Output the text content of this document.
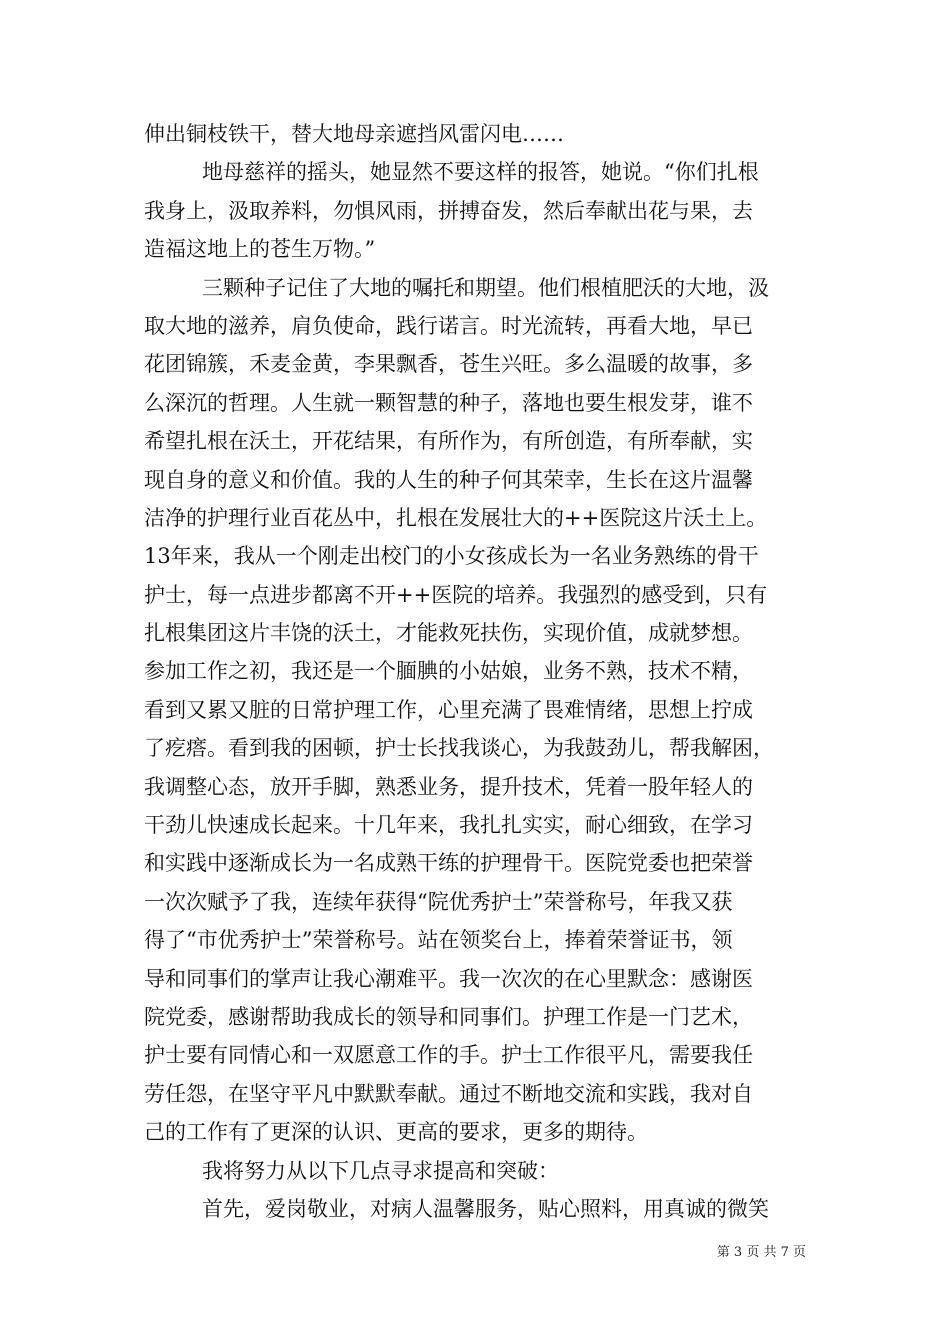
伸出铜枝铁干，替大地母亲遮挡风雷闪电……
地母慈祥的摇头，她显然不要这样的报答，她说。“你们扎根
我身上，汲取养料，勿惧风雨，拼搏奋发，然后奉献出花与果，去
造福这地上的苍生万物。”
三颗种子记住了大地的嘱托和期望。他们根植肥沃的大地，汲
取大地的滋养，肩负使命，践行诺言。时光流转，再看大地，早已
花团锦簇，禾麦金黄，李果飘香，苍生兴旺。多么温暖的故事，多
么深沉的哲理。人生就一颗智慧的种子，落地也要生根发芽，谁不
希望扎根在沃土，开花结果，有所作为，有所创造，有所奉献，实
现自身的意义和价值。我的人生的种子何其荣幸，生长在这片温馨
洁净的护理行业百花丛中，扎根在发展壮大的++医院这片沃土上。
13年来，我从一个刚走出校门的小女孩成长为一名业务熟练的骨干
护士，每一点进步都离不开++医院的培养。我强烈的感受到，只有
扎根集团这片丰饶的沃土，才能救死扶伤，实现价值，成就梦想。
参加工作之初，我还是一个腼腆的小姑娘，业务不熟，技术不精，
看到又累又脏的日常护理工作，心里充满了畏难情绪，思想上拧成
了疙瘩。看到我的困顿，护士长找我谈心，为我鼓劲儿，帮我解困，
我调整心态，放开手脚，熟悉业务，提升技术，凭着一股年轻人的
干劲儿快速成长起来。十几年来，我扎扎实实，耐心细致，在学习
和实践中逐渐成长为一名成熟干练的护理骨干。医院党委也把荣誉
一次次赋予了我，连续年获得“院优秀护士”荣誉称号，年我又获
得了“市优秀护士”荣誉称号。站在领奖台上，捧着荣誉证书，领
导和同事们的掌声让我心潮难平。我一次次的在心里默念：感谢医
院党委，感谢帮助我成长的领导和同事们。护理工作是一门艺术，
护士要有同情心和一双愿意工作的手。护士工作很平凡，需要我任
劳任怨，在坚守平凡中默默奉献。通过不断地交流和实践，我对自
己的工作有了更深的认识、更高的要求，更多的期待。
我将努力从以下几点寻求提高和突破：
首先，爱岗敬业，对病人温馨服务，贴心照料，用真诚的微笑
第 3 页 共 7 页
